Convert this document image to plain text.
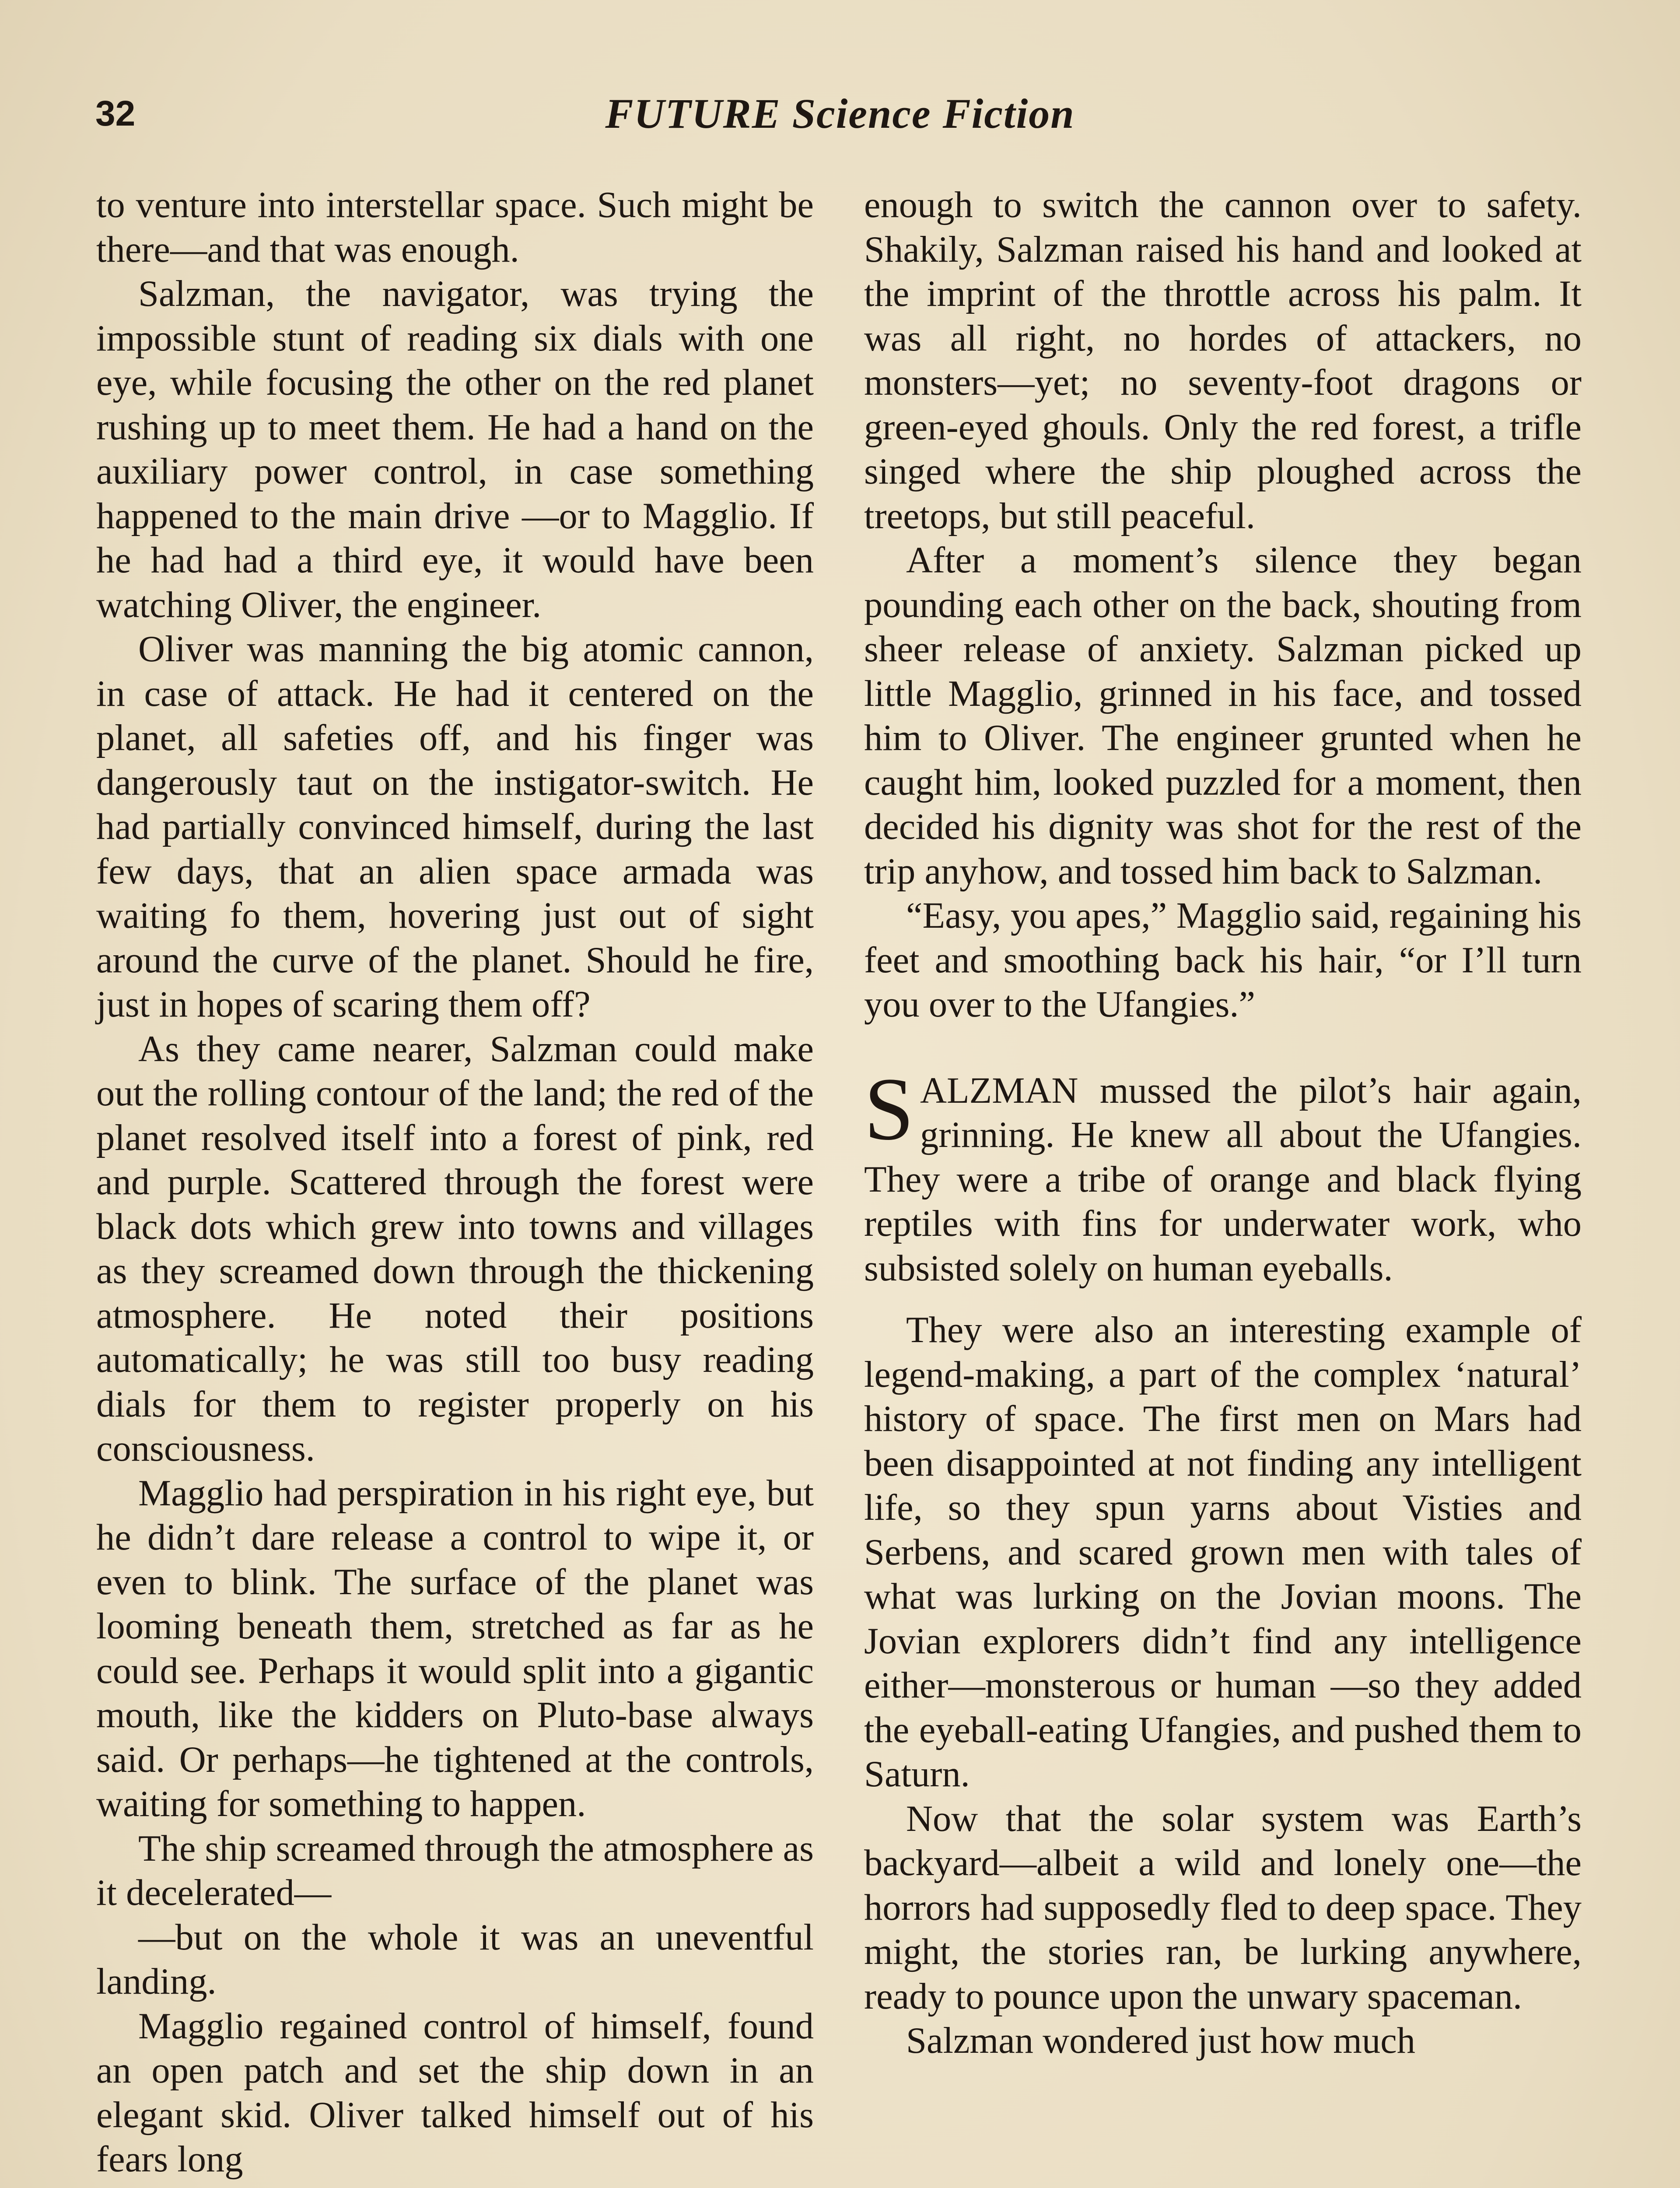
32	FUTURE Science Fiction

to venture into interstellar space. Such might be there—and that was enough.

Salzman, the navigator, was trying the impossible stunt of reading six dials with one eye, while focusing the other on the red planet rushing up to meet them. He had a hand on the auxiliary power control, in case something happened to the main drive —or to Magglio. If he had had a third eye, it would have been watching Oliver, the engineer.

Oliver was manning the big atomic cannon, in case of attack. He had it centered on the planet, all safeties off, and his finger was dangerously taut on the instigator-switch. He had partially convinced himself, during the last few days, that an alien space armada was waiting fo them, hovering just out of sight around the curve of the planet. Should he fire, just in hopes of scaring them off?

As they came nearer, Salzman could make out the rolling contour of the land; the red of the planet resolved itself into a forest of pink, red and purple. Scattered through the forest were black dots which grew into towns and villages as they screamed down through the thickening atmosphere. He noted their positions automatically; he was still too busy reading dials for them to register properly on his consciousness.

Magglio had perspiration in his right eye, but he didn’t dare release a control to wipe it, or even to blink. The surface of the planet was looming beneath them, stretched as far as he could see. Perhaps it would split into a gigantic mouth, like the kidders on Pluto-base always said. Or perhaps—he tightened at the controls, waiting for something to happen.

The ship screamed through the atmosphere as it decelerated—

—but on the whole it was an uneventful landing.

Magglio regained control of himself, found an open patch and set the ship down in an elegant skid. Oliver talked himself out of his fears long

enough to switch the cannon over to safety. Shakily, Salzman raised his hand and looked at the imprint of the throttle across his palm. It was all right, no hordes of attackers, no monsters—yet; no seventy-foot dragons or green-eyed ghouls. Only the red forest, a trifle singed where the ship ploughed across the treetops, but still peaceful.

After a moment’s silence they began pounding each other on the back, shouting from sheer release of anxiety. Salzman picked up little Magglio, grinned in his face, and tossed him to Oliver. The engineer grunted when he caught him, looked puzzled for a moment, then decided his dignity was shot for the rest of the trip anyhow, and tossed him back to Salzman.

“Easy, you apes,” Magglio said, regaining his feet and smoothing back his hair, “or I’ll turn you over to the Ufangies.”

SALZMAN mussed the pilot’s hair again, grinning. He knew all about the Ufangies. They were a tribe of orange and black flying reptiles with fins for underwater work, who subsisted solely on human eyeballs.

They were also an interesting example of legend-making, a part of the complex ‘natural’ history of space. The first men on Mars had been disappointed at not finding any intelligent life, so they spun yarns about Visties and Serbens, and scared grown men with tales of what was lurking on the Jovian moons. The Jovian explorers didn’t find any intelligence either—monsterous or human —so they added the eyeball-eating Ufangies, and pushed them to Saturn.

Now that the solar system was Earth’s backyard—albeit a wild and lonely one—the horrors had supposedly fled to deep space. They might, the stories ran, be lurking anywhere, ready to pounce upon the unwary spaceman.

Salzman wondered just how much
